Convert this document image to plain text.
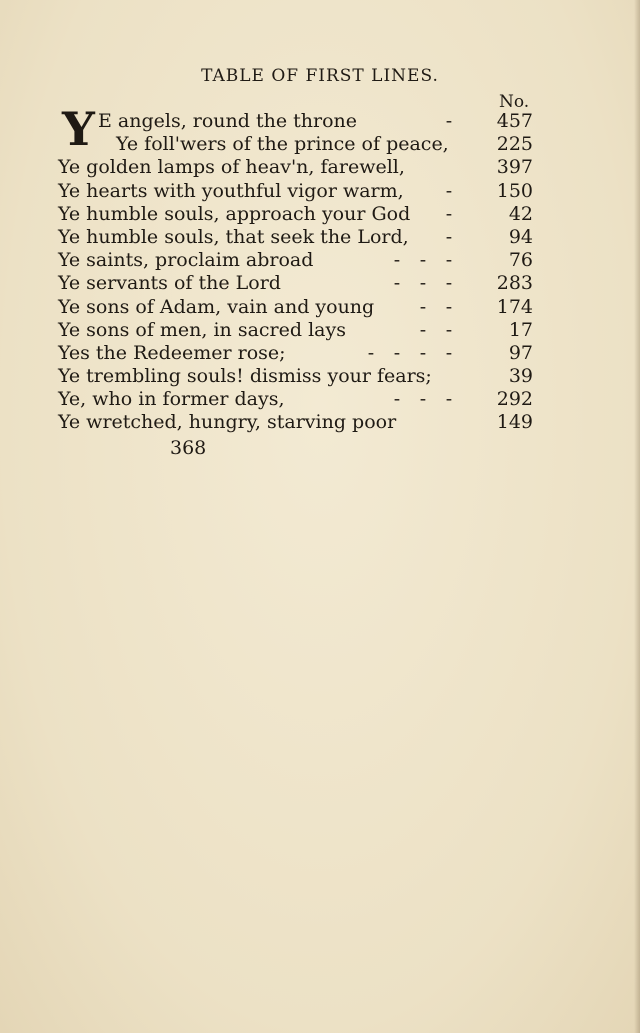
TABLE OF FIRST LINES.
No.
Y E angels, round the throne	-	457
Ye foll'wers of the prince of peace,	225
Ye golden lamps of heav'n, farewell,	397
Ye hearts with youthful vigor warm,	-	150
Ye humble souls, approach your God	-	42
Ye humble souls, that seek the Lord,	-	94
Ye saints, proclaim abroad	- - -	76
Ye servants of the Lord	- - -	283
Ye sons of Adam, vain and young	- -	174
Ye sons of men, in sacred lays	- -	17
Yes the Redeemer rose;	- - - -	97
Ye trembling souls! dismiss your fears;	39
Ye, who in former days,	- - -	292
Ye wretched, hungry, starving poor	149
368
